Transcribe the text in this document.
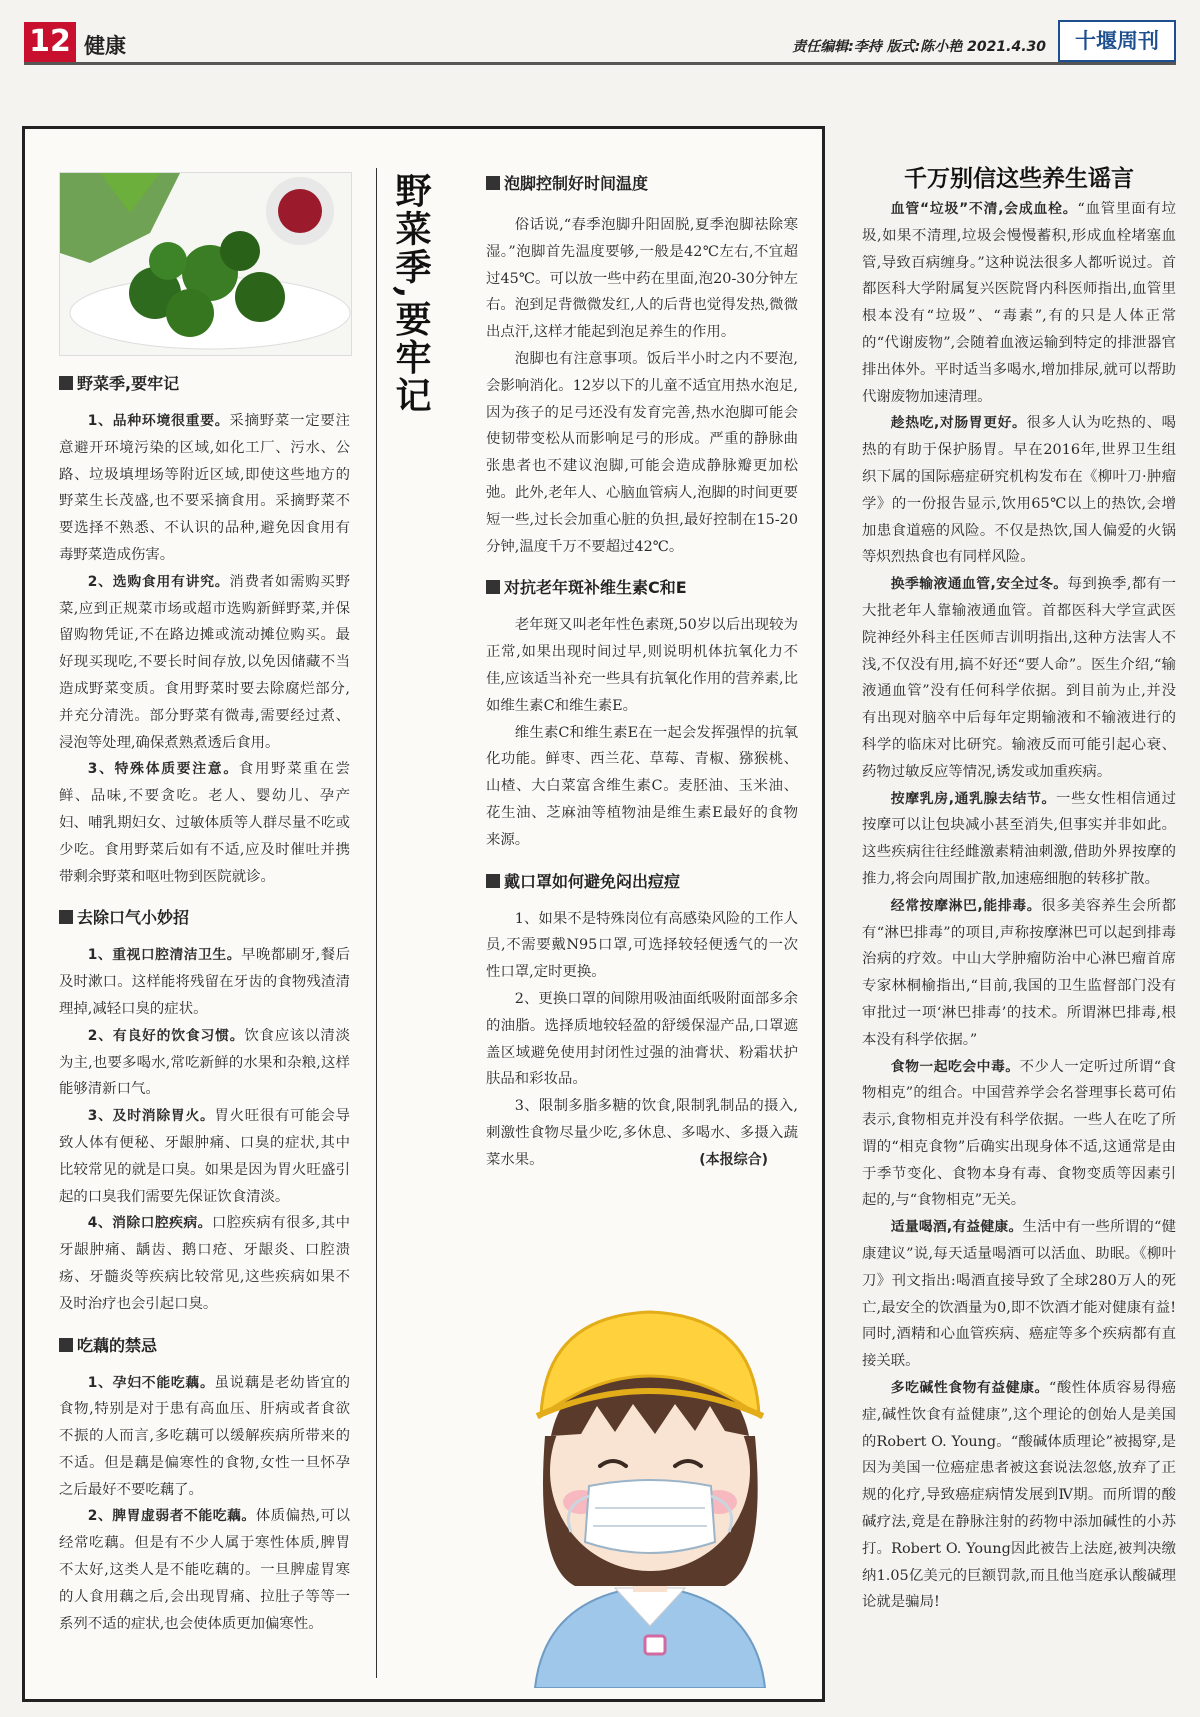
12 健康	责任编辑:李持 版式:陈小艳 2021.4.30	十堰周刊
野菜季,要牢记
野菜季,要牢记

1、品种环境很重要。采摘野菜一定要注意避开环境污染的区域,如化工厂、污水、公路、垃圾填埋场等附近区域,即使这些地方的野菜生长茂盛,也不要采摘食用。采摘野菜不要选择不熟悉、不认识的品种,避免因食用有毒野菜造成伤害。

2、选购食用有讲究。消费者如需购买野菜,应到正规菜市场或超市选购新鲜野菜,并保留购物凭证,不在路边摊或流动摊位购买。最好现买现吃,不要长时间存放,以免因储藏不当造成野菜变质。食用野菜时要去除腐烂部分,并充分清洗。部分野菜有微毒,需要经过煮、浸泡等处理,确保煮熟煮透后食用。

3、特殊体质要注意。食用野菜重在尝鲜、品味,不要贪吃。老人、婴幼儿、孕产妇、哺乳期妇女、过敏体质等人群尽量不吃或少吃。食用野菜后如有不适,应及时催吐并携带剩余野菜和呕吐物到医院就诊。

去除口气小妙招

1、重视口腔清洁卫生。早晚都刷牙,餐后及时漱口。这样能将残留在牙齿的食物残渣清理掉,减轻口臭的症状。

2、有良好的饮食习惯。饮食应该以清淡为主,也要多喝水,常吃新鲜的水果和杂粮,这样能够清新口气。

3、及时消除胃火。胃火旺很有可能会导致人体有便秘、牙龈肿痛、口臭的症状,其中比较常见的就是口臭。如果是因为胃火旺盛引起的口臭我们需要先保证饮食清淡。

4、消除口腔疾病。口腔疾病有很多,其中牙龈肿痛、龋齿、鹅口疮、牙龈炎、口腔溃疡、牙髓炎等疾病比较常见,这些疾病如果不及时治疗也会引起口臭。

吃藕的禁忌

1、孕妇不能吃藕。虽说藕是老幼皆宜的食物,特别是对于患有高血压、肝病或者食欲不振的人而言,多吃藕可以缓解疾病所带来的不适。但是藕是偏寒性的食物,女性一旦怀孕之后最好不要吃藕了。

2、脾胃虚弱者不能吃藕。体质偏热,可以经常吃藕。但是有不少人属于寒性体质,脾胃不太好,这类人是不能吃藕的。一旦脾虚胃寒的人食用藕之后,会出现胃痛、拉肚子等等一系列不适的症状,也会使体质更加偏寒性。

泡脚控制好时间温度

俗话说,“春季泡脚升阳固脱,夏季泡脚祛除寒湿。”泡脚首先温度要够,一般是42℃左右,不宜超过45℃。可以放一些中药在里面,泡20-30分钟左右。泡到足背微微发红,人的后背也觉得发热,微微出点汗,这样才能起到泡足养生的作用。

泡脚也有注意事项。饭后半小时之内不要泡,会影响消化。12岁以下的儿童不适宜用热水泡足,因为孩子的足弓还没有发育完善,热水泡脚可能会使韧带变松从而影响足弓的形成。严重的静脉曲张患者也不建议泡脚,可能会造成静脉瓣更加松弛。此外,老年人、心脑血管病人,泡脚的时间更要短一些,过长会加重心脏的负担,最好控制在15-20分钟,温度千万不要超过42℃。

对抗老年斑补维生素C和E

老年斑又叫老年性色素斑,50岁以后出现较为正常,如果出现时间过早,则说明机体抗氧化力不佳,应该适当补充一些具有抗氧化作用的营养素,比如维生素C和维生素E。

维生素C和维生素E在一起会发挥强悍的抗氧化功能。鲜枣、西兰花、草莓、青椒、猕猴桃、山楂、大白菜富含维生素C。麦胚油、玉米油、花生油、芝麻油等植物油是维生素E最好的食物来源。

戴口罩如何避免闷出痘痘

1、如果不是特殊岗位有高感染风险的工作人员,不需要戴N95口罩,可选择较轻便透气的一次性口罩,定时更换。

2、更换口罩的间隙用吸油面纸吸附面部多余的油脂。选择质地较轻盈的舒缓保湿产品,口罩遮盖区域避免使用封闭性过强的油膏状、粉霜状护肤品和彩妆品。

3、限制多脂多糖的饮食,限制乳制品的摄入,刺激性食物尽量少吃,多休息、多喝水、多摄入蔬菜水果。	(本报综合)

千万别信这些养生谣言

血管“垃圾”不清,会成血栓。“血管里面有垃圾,如果不清理,垃圾会慢慢蓄积,形成血栓堵塞血管,导致百病缠身。”这种说法很多人都听说过。首都医科大学附属复兴医院肾内科医师指出,血管里根本没有“垃圾”、“毒素”,有的只是人体正常的“代谢废物”,会随着血液运输到特定的排泄器官排出体外。平时适当多喝水,增加排尿,就可以帮助代谢废物加速清理。

趁热吃,对肠胃更好。很多人认为吃热的、喝热的有助于保护肠胃。早在2016年,世界卫生组织下属的国际癌症研究机构发布在《柳叶刀·肿瘤学》的一份报告显示,饮用65℃以上的热饮,会增加患食道癌的风险。不仅是热饮,国人偏爱的火锅等炽烈热食也有同样风险。

换季输液通血管,安全过冬。每到换季,都有一大批老年人靠输液通血管。首都医科大学宣武医院神经外科主任医师吉训明指出,这种方法害人不浅,不仅没有用,搞不好还“要人命”。医生介绍,“输液通血管”没有任何科学依据。到目前为止,并没有出现对脑卒中后每年定期输液和不输液进行的科学的临床对比研究。输液反而可能引起心衰、药物过敏反应等情况,诱发或加重疾病。

按摩乳房,通乳腺去结节。一些女性相信通过按摩可以让包块减小甚至消失,但事实并非如此。这些疾病往往经雌激素精油刺激,借助外界按摩的推力,将会向周围扩散,加速癌细胞的转移扩散。

经常按摩淋巴,能排毒。很多美容养生会所都有“淋巴排毒”的项目,声称按摩淋巴可以起到排毒治病的疗效。中山大学肿瘤防治中心淋巴瘤首席专家林桐榆指出,“目前,我国的卫生监督部门没有审批过一项‘淋巴排毒’的技术。所谓淋巴排毒,根本没有科学依据。”

食物一起吃会中毒。不少人一定听过所谓“食物相克”的组合。中国营养学会名誉理事长葛可佑表示,食物相克并没有科学依据。一些人在吃了所谓的“相克食物”后确实出现身体不适,这通常是由于季节变化、食物本身有毒、食物变质等因素引起的,与“食物相克”无关。

适量喝酒,有益健康。生活中有一些所谓的“健康建议”说,每天适量喝酒可以活血、助眠。《柳叶刀》刊文指出:喝酒直接导致了全球280万人的死亡,最安全的饮酒量为0,即不饮酒才能对健康有益!同时,酒精和心血管疾病、癌症等多个疾病都有直接关联。

多吃碱性食物有益健康。“酸性体质容易得癌症,碱性饮食有益健康”,这个理论的创始人是美国的Robert O. Young。“酸碱体质理论”被揭穿,是因为美国一位癌症患者被这套说法忽悠,放弃了正规的化疗,导致癌症病情发展到Ⅳ期。而所谓的酸碱疗法,竟是在静脉注射的药物中添加碱性的小苏打。Robert O. Young因此被告上法庭,被判决缴纳1.05亿美元的巨额罚款,而且他当庭承认酸碱理论就是骗局!
